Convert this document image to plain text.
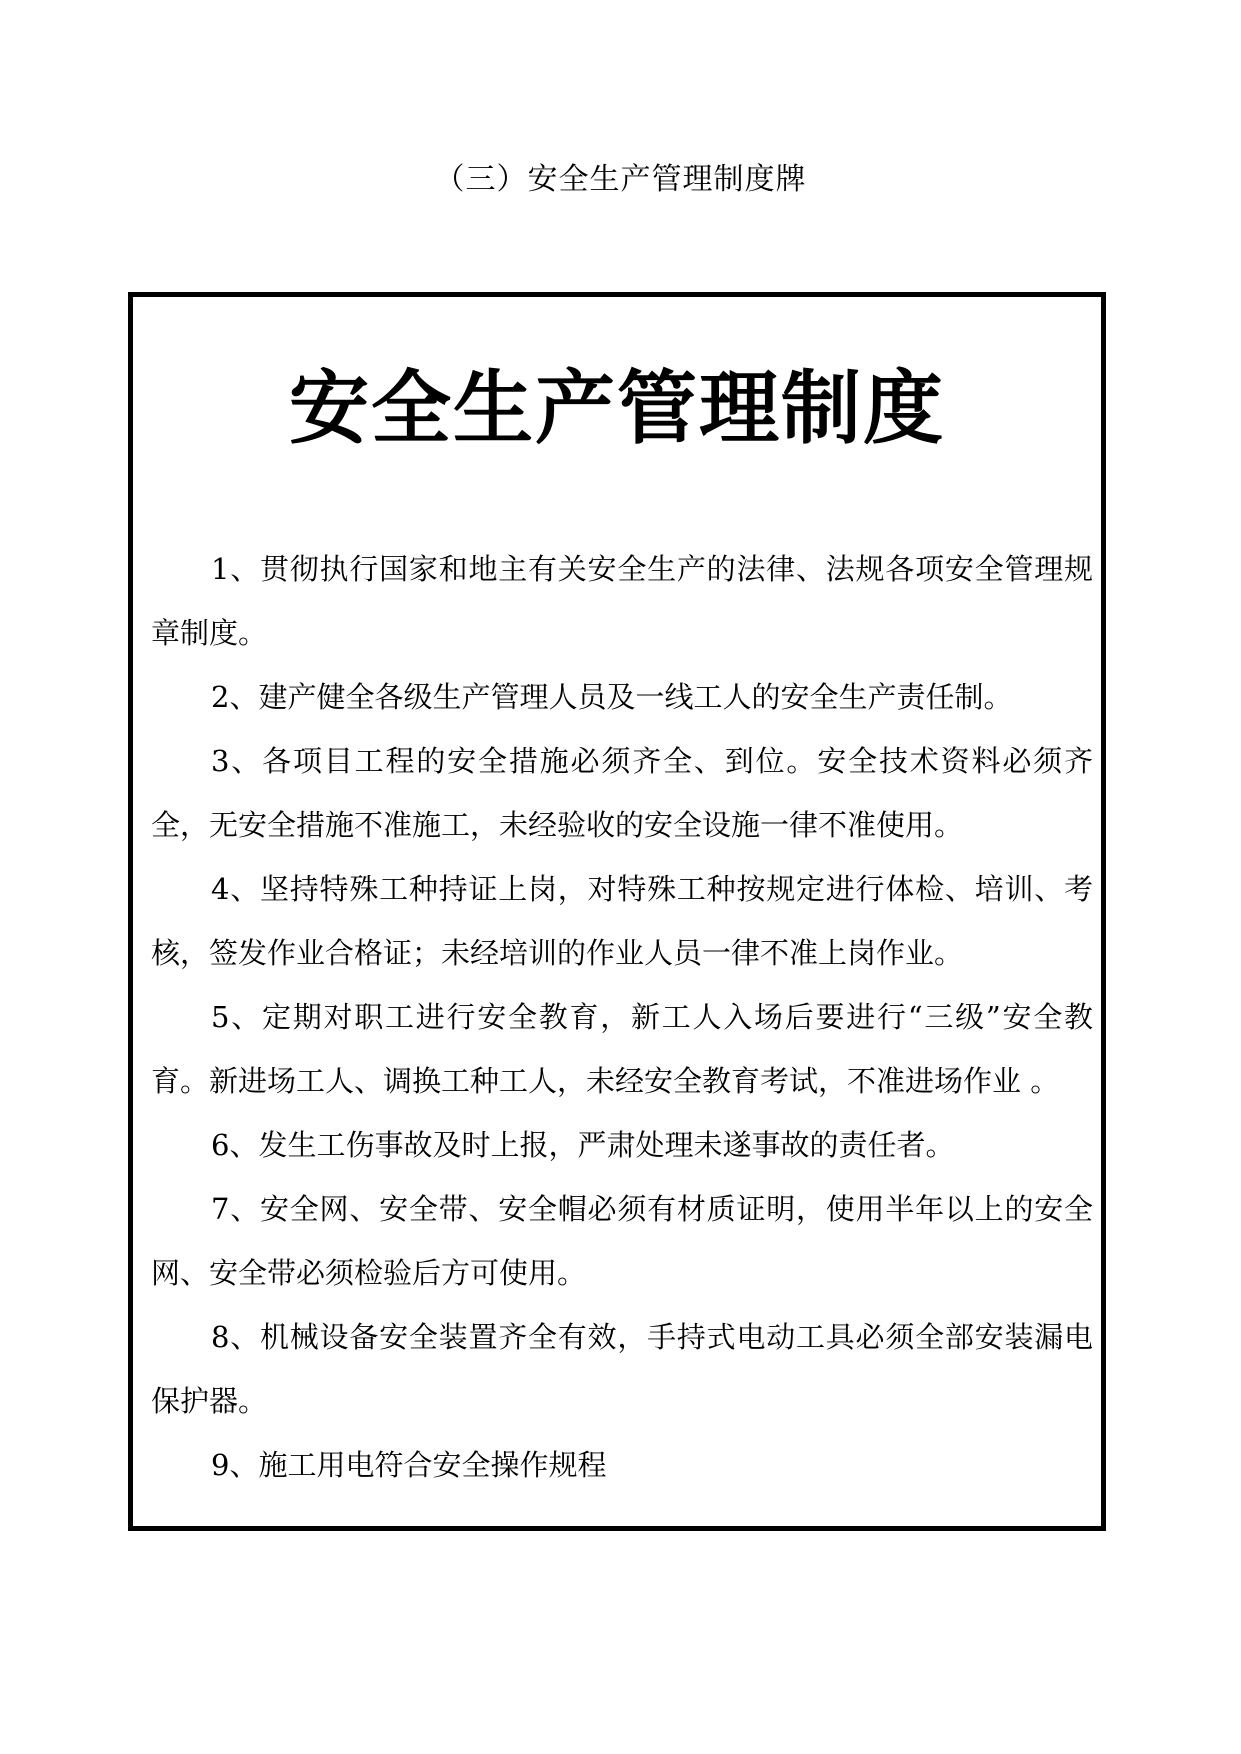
（三）安全生产管理制度牌
安全生产管理制度

1、贯彻执行国家和地主有关安全生产的法律、法规各项安全管理规章制度。

2、建产健全各级生产管理人员及一线工人的安全生产责任制。

3、各项目工程的安全措施必须齐全、到位。安全技术资料必须齐全，无安全措施不准施工，未经验收的安全设施一律不准使用。

4、坚持特殊工种持证上岗，对特殊工种按规定进行体检、培训、考核，签发作业合格证；未经培训的作业人员一律不准上岗作业。

5、定期对职工进行安全教育，新工人入场后要进行“三级”安全教育。新进场工人、调换工种工人，未经安全教育考试，不准进场作业 。

6、发生工伤事故及时上报，严肃处理未遂事故的责任者。

7、安全网、安全带、安全帽必须有材质证明，使用半年以上的安全网、安全带必须检验后方可使用。

8、机械设备安全装置齐全有效，手持式电动工具必须全部安装漏电保护器。

9、施工用电符合安全操作规程
